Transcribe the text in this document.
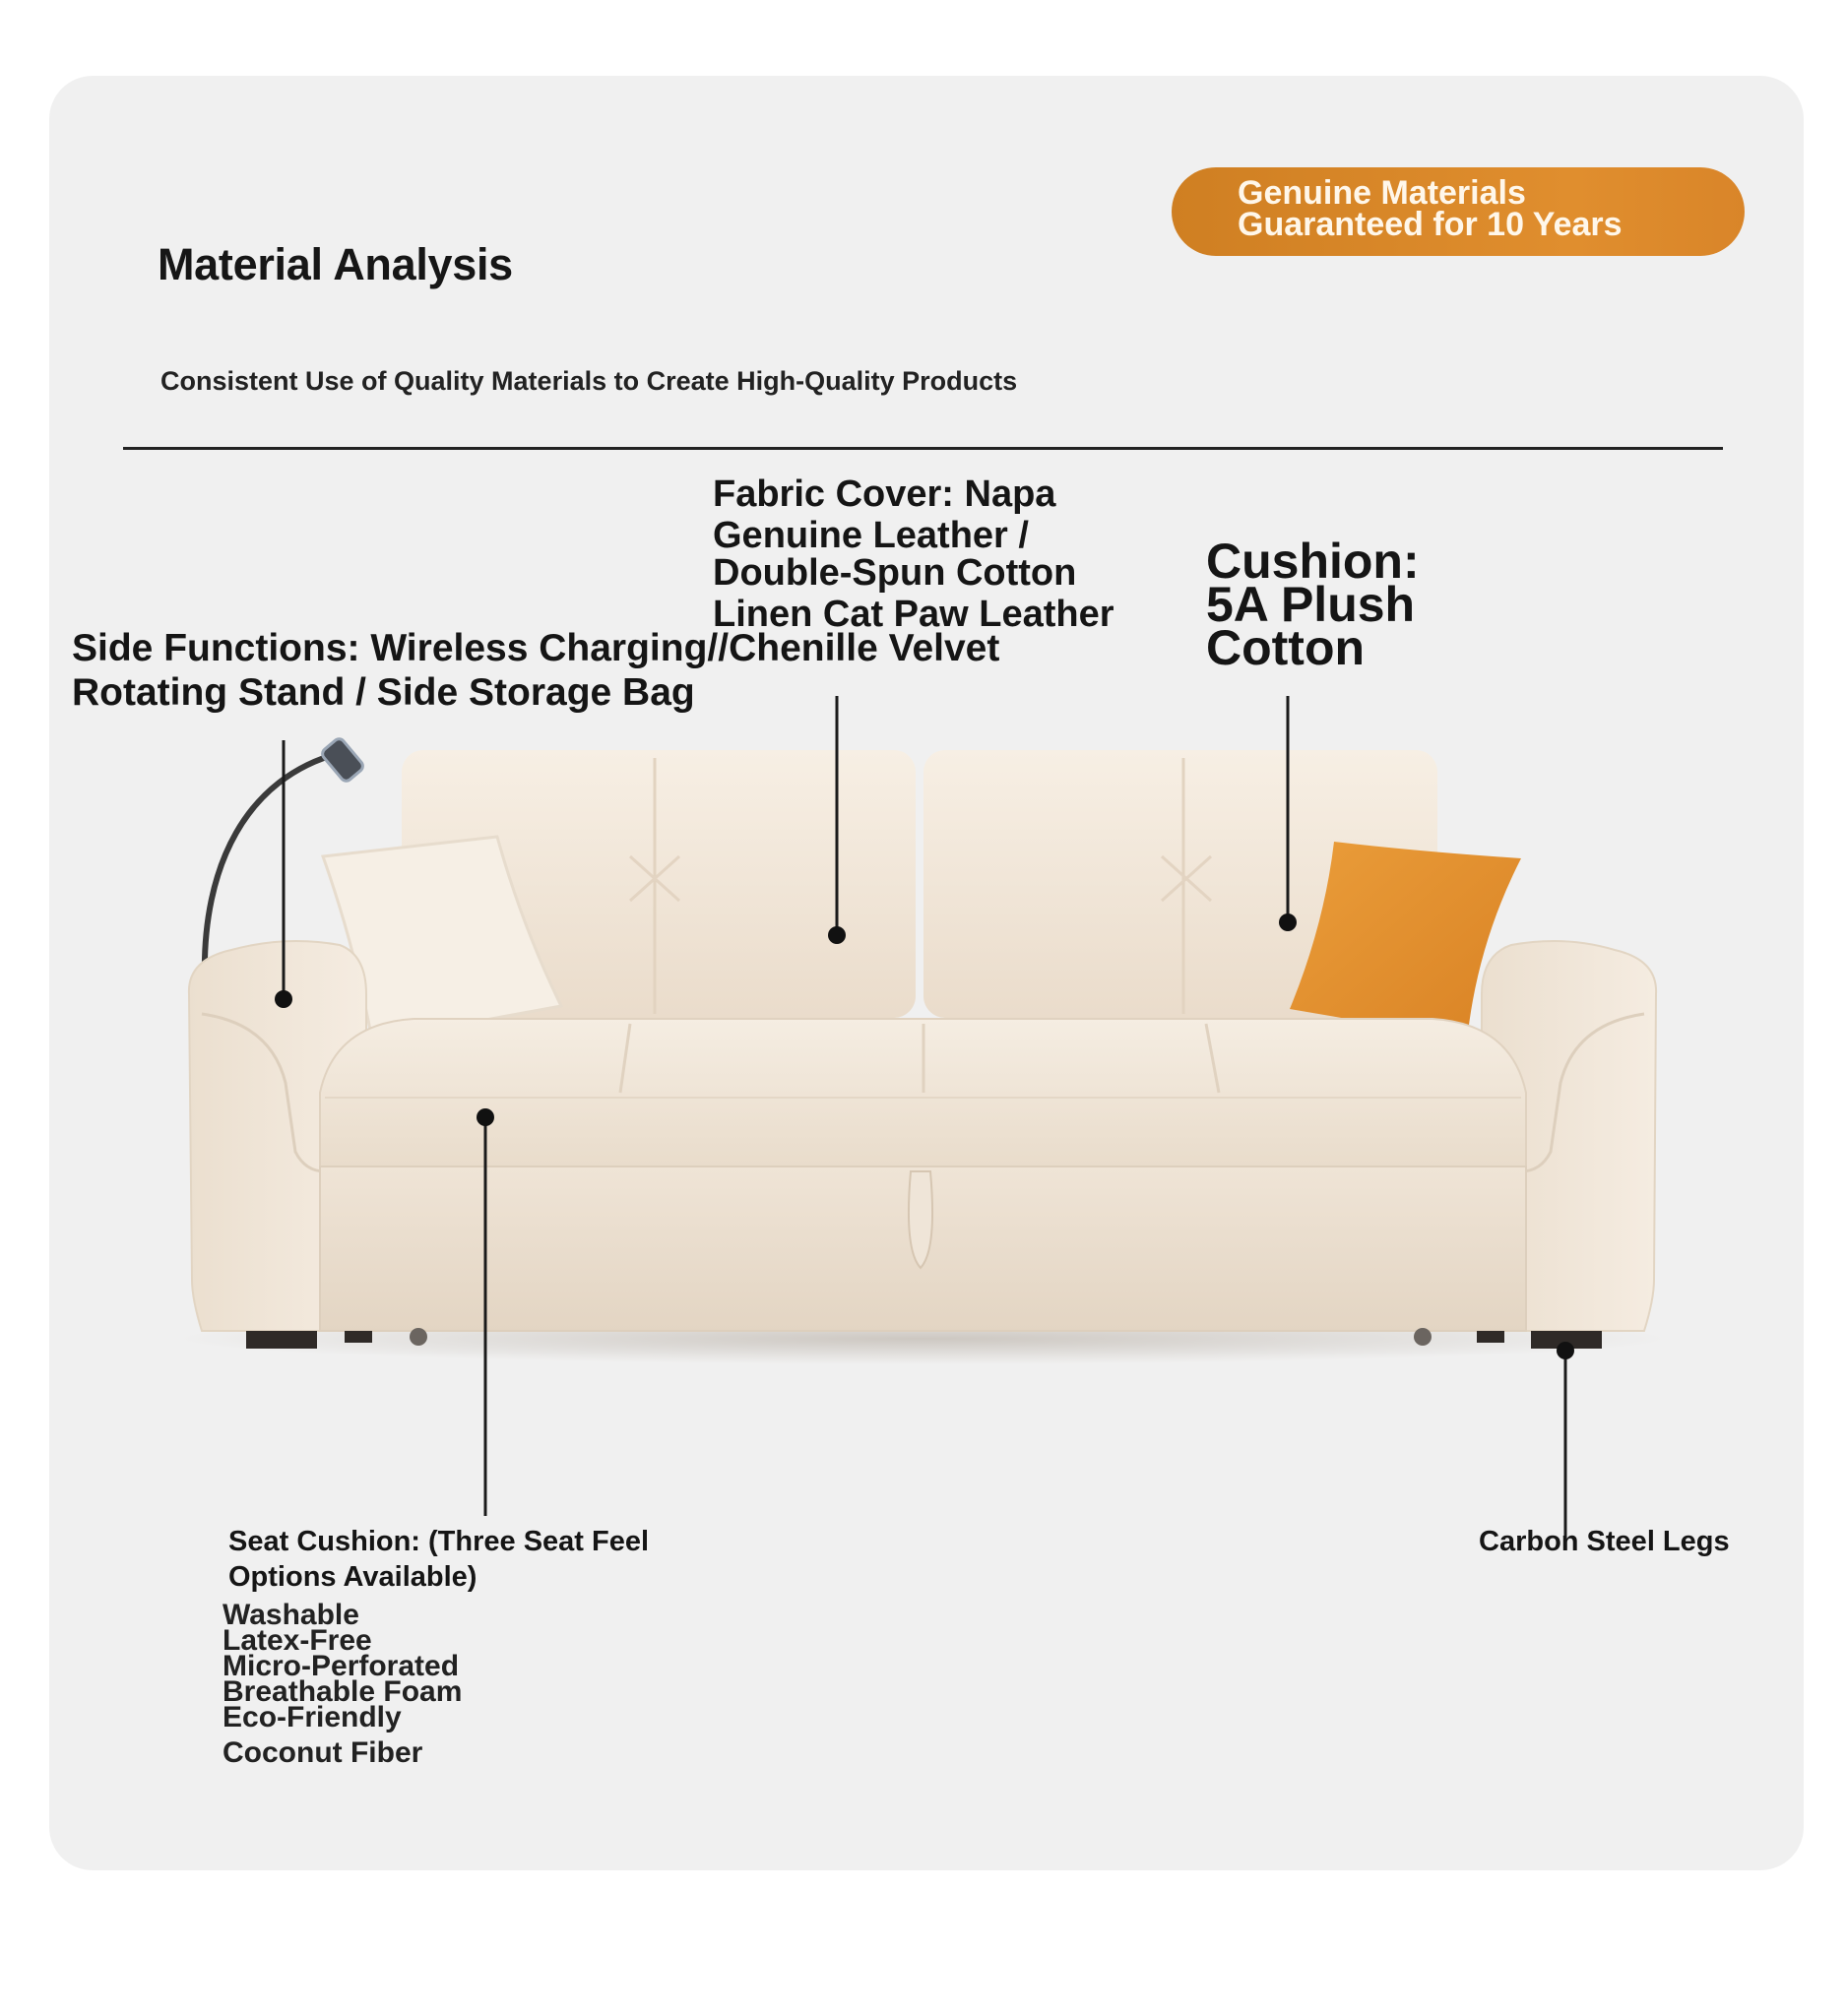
Material Analysis
Consistent Use of Quality Materials to Create High-Quality Products
Genuine Materials
Guaranteed for 10 Years
Fabric Cover: Napa
Genuine Leather /
Double-Spun Cotton
Linen Cat Paw Leather
Side Functions: Wireless Charging//Chenille Velvet
Rotating Stand / Side Storage Bag
Cushion:
5A Plush
Cotton
Seat Cushion: (Three Seat Feel
Options Available)
Washable
Latex-Free
Micro-Perforated
Breathable Foam
Eco-Friendly
Coconut Fiber
Carbon Steel Legs
